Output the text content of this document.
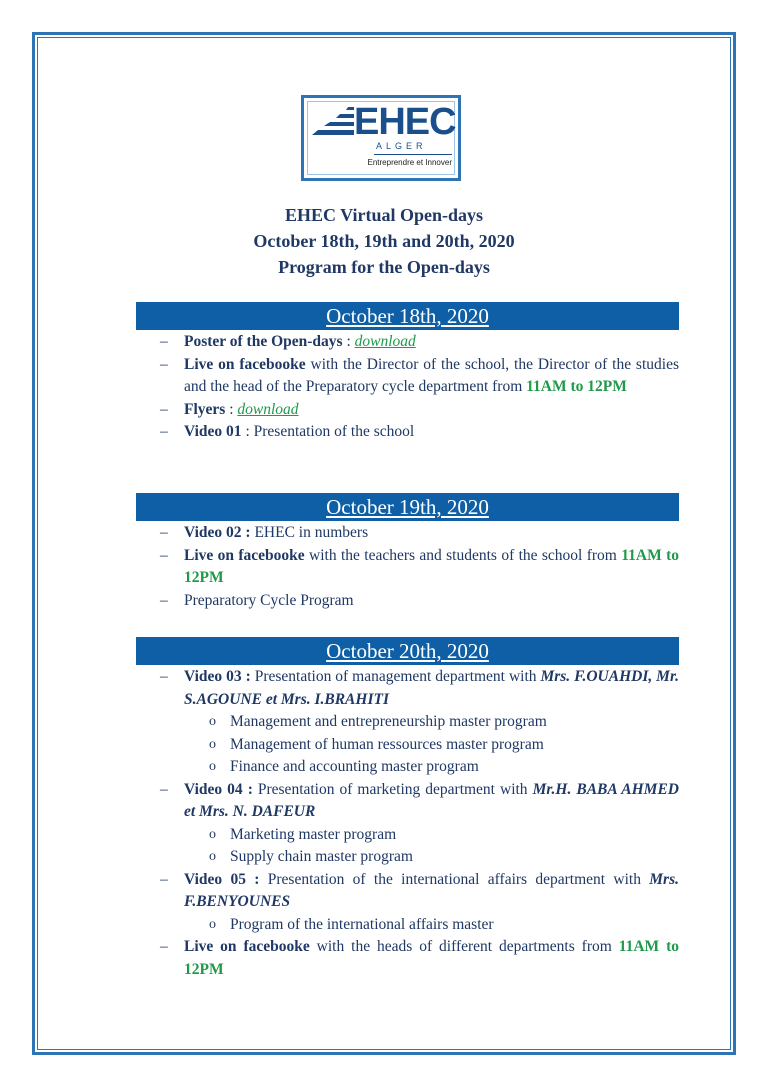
EHEC
ALGER
Entreprendre et Innover
EHEC Virtual Open-days
October 18th, 19th and 20th, 2020
Program for the Open-days
October 18th, 2020
– Poster of the Open-days : download
– Live on facebooke with the Director of the school, the Director of the studies and the head of the Preparatory cycle department from 11AM to 12PM
– Flyers : download
– Video 01 : Presentation of the school
October 19th, 2020
– Video 02 : EHEC in numbers
– Live on facebooke with the teachers and students of the school from 11AM to 12PM
– Preparatory Cycle Program
October 20th, 2020
– Video 03 : Presentation of management department with Mrs. F.OUAHDI, Mr. S.AGOUNE et Mrs. I.BRAHITI
o Management and entrepreneurship master program
o Management of human ressources master program
o Finance and accounting master program
– Video 04 : Presentation of marketing department with Mr.H. BABA AHMED et Mrs. N. DAFEUR
o Marketing master program
o Supply chain master program
– Video 05 : Presentation of the international affairs department with Mrs. F.BENYOUNES
o Program of the international affairs master
– Live on facebooke with the heads of different departments from 11AM to 12PM
